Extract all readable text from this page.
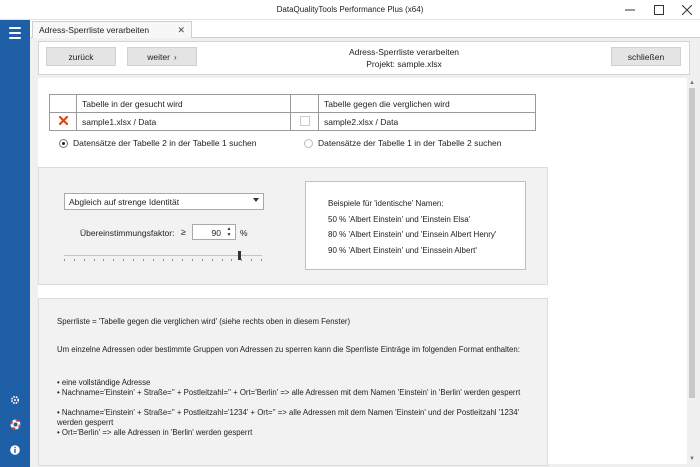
DataQualityTools Performance Plus (x64)
Adress-Sperrliste verarbeiten	✕
zurück	weiter ›	Adress-Sperrliste verarbeiten
Projekt: sample.xlsx
schließen
▲
▼
	Tabelle in der gesucht wird		Tabelle gegen die verglichen wird
	sample1.xlsx / Data		sample2.xlsx / Data
Datensätze der Tabelle 2 in der Tabelle 1 suchen	Datensätze der Tabelle 1 in der Tabelle 2 suchen
Abgleich auf strenge Identität
Übereinstimmungsfaktor: ≥	90	▲
▼ %
Beispiele für 'identische' Namen:
50 % 'Albert Einstein' und 'Einstein Elsa'
80 % 'Albert Einstein' und 'Einsein Albert Henry'
90 % 'Albert Einstein' und 'Einssein Albert'

Sperrliste = 'Tabelle gegen die verglichen wird' (siehe rechts oben in diesem Fenster)

Um einzelne Adressen oder bestimmte Gruppen von Adressen zu sperren kann die Sperrliste Einträge im folgenden Format enthalten:

• eine vollständige Adresse

• Nachname='Einstein' + Straße='' + Postleitzahl='' + Ort='Berlin' => alle Adressen mit dem Namen 'Einstein' in 'Berlin' werden gesperrt

• Nachname='Einstein' + Straße='' + Postleitzahl='1234' + Ort='' => alle Adressen mit dem Namen 'Einstein' und der Postleitzahl '1234' werden gesperrt

• Ort='Berlin' => alle Adressen in 'Berlin' werden gesperrt
